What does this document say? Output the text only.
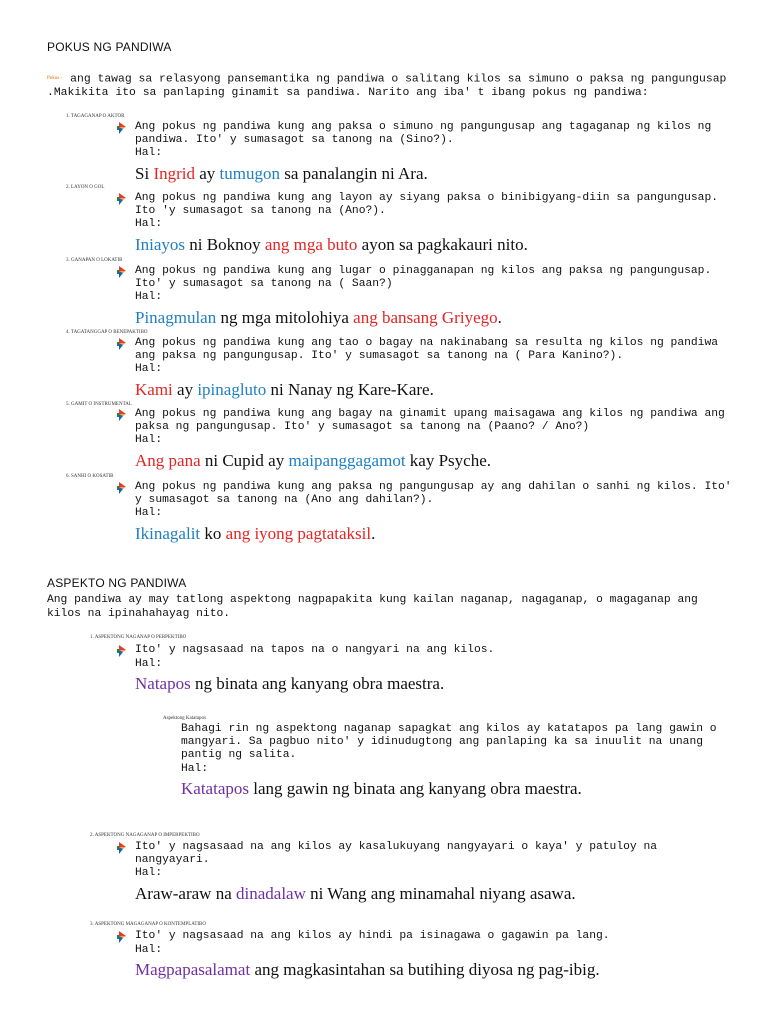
POKUS NG PANDIWA
Pokus - ang tawag sa relasyong pansemantika ng pandiwa o salitang kilos sa simuno o paksa ng pangungusap .Makikita ito sa panlaping ginamit sa pandiwa. Narito ang iba' t ibang pokus ng pandiwa:
1. TAGAGANAP O AKTOR
Ang pokus ng pandiwa kung ang paksa o simuno ng pangungusap ang tagaganap ng kilos ng pandiwa. Ito' y sumasagot sa tanong na (Sino?).
Hal:
Si Ingrid ay tumugon sa panalangin ni Ara.
2. LAYON O GOL
Ang pokus ng pandiwa kung ang layon ay siyang paksa o binibigyang-diin sa pangungusap. Ito 'y sumasagot sa tanong na (Ano?).
Hal:
Iniayos ni Boknoy ang mga buto ayon sa pagkakauri nito.
3. GANAPAN O LOKATIB
Ang pokus ng pandiwa kung ang lugar o pinagganapan ng kilos ang paksa ng pangungusap. Ito' y sumasagot sa tanong na ( Saan?)
Hal:
Pinagmulan ng mga mitolohiya ang bansang Griyego.
4. TAGATANGGAP O BENEPAKTIBO
Ang pokus ng pandiwa kung ang tao o bagay na nakinabang sa resulta ng kilos ng pandiwa ang paksa ng pangungusap. Ito' y sumasagot sa tanong na ( Para Kanino?).
Hal:
Kami ay ipinagluto ni Nanay ng Kare-Kare.
5. GAMIT O INSTRUMENTAL
Ang pokus ng pandiwa kung ang bagay na ginamit upang maisagawa ang kilos ng pandiwa ang paksa ng pangungusap. Ito' y sumasagot sa tanong na (Paano? / Ano?)
Hal:
Ang pana ni Cupid ay maipanggagamot kay Psyche.
6. SANHI O KOSATIB
Ang pokus ng pandiwa kung ang paksa ng pangungusap ay ang dahilan o sanhi ng kilos. Ito' y sumasagot sa tanong na (Ano ang dahilan?).
Hal:
Ikinagalit ko ang iyong pagtataksil.
ASPEKTO NG PANDIWA
Ang pandiwa ay may tatlong aspektong nagpapakita kung kailan naganap, nagaganap, o magaganap ang kilos na ipinahahayag nito.
1. ASPEKTONG NAGANAP O PERPEKTIBO
Ito' y nagsasaad na tapos na o nangyari na ang kilos.
Hal:
Natapos ng binata ang kanyang obra maestra.
Aspektong Katatapos
Bahagi rin ng aspektong naganap sapagkat ang kilos ay katatapos pa lang gawin o mangyari. Sa pagbuo nito' y idinudugtong ang panlaping ka sa inuulit na unang pantig ng salita.
Hal:
Katatapos lang gawin ng binata ang kanyang obra maestra.
2. ASPEKTONG NAGAGANAP O IMPERPEKTIBO
Ito' y nagsasaad na ang kilos ay kasalukuyang nangyayari o kaya' y patuloy na nangyayari.
Hal:
Araw-araw na dinadalaw ni Wang ang minamahal niyang asawa.
3. ASPEKTONG MAGAGANAP O KONTEMPLATIBO
Ito' y nagsasaad na ang kilos ay hindi pa isinagawa o gagawin pa lang.
Hal:
Magpapasalamat ang magkasintahan sa butihing diyosa ng pag-ibig.
